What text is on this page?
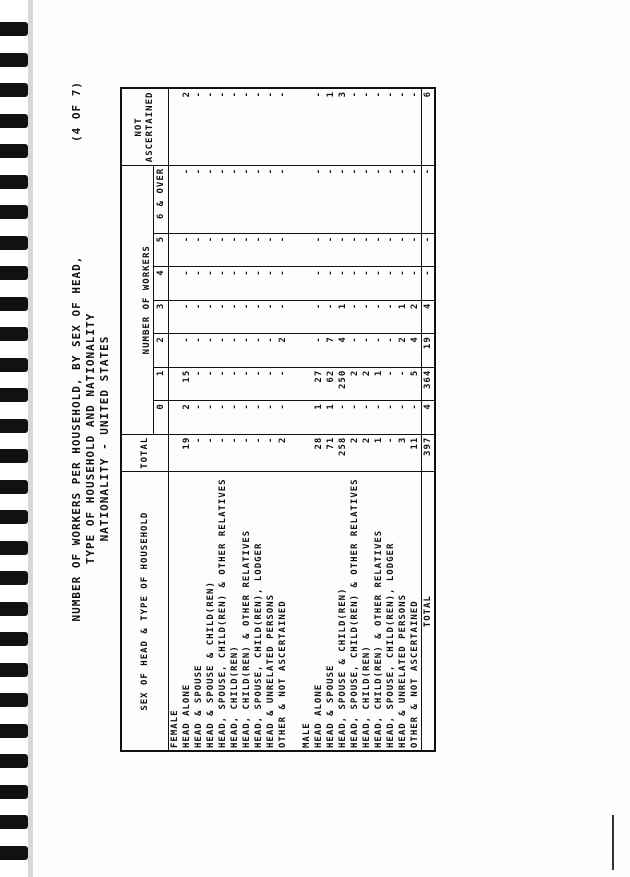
NUMBER OF WORKERS PER HOUSEHOLD, BY SEX OF HEAD, TYPE OF HOUSEHOLD AND NATIONALITY NATIONALITY - UNITED STATES
(4 OF 7)
SEX OF HEAD & TYPE OF HOUSEHOLD	TOTAL	NUMBER OF WORKERS							NOT ASCERTAINED
		0	1	2	3	4	5	6 & OVER	
FEMALE									
HEAD ALONE	19	2	15	-	-	-	-	-	2
HEAD & SPOUSE	-	-	-	-	-	-	-	-	-
HEAD & SPOUSE & CHILD(REN)	-	-	-	-	-	-	-	-	-
HEAD, SPOUSE, CHILD(REN) & OTHER RELATIVES	-	-	-	-	-	-	-	-	-
HEAD, CHILD(REN)	-	-	-	-	-	-	-	-	-
HEAD, CHILD(REN) & OTHER RELATIVES	-	-	-	-	-	-	-	-	-
HEAD, SPOUSE, CHILD(REN), LODGER	-	-	-	-	-	-	-	-	-
HEAD & UNRELATED PERSONS	-	-	-	-	-	-	-	-	-
OTHER & NOT ASCERTAINED	2	-	-	2	-	-	-	-	-

MALE									
HEAD ALONE	28	1	27	-	-	-	-	-	-
HEAD & SPOUSE	71	1	62	7	-	-	-	-	1
HEAD, SPOUSE & CHILD(REN)	258	-	250	4	1	-	-	-	3
HEAD, SPOUSE, CHILD(REN) & OTHER RELATIVES	2	-	2	-	-	-	-	-	-
HEAD, CHILD(REN)	2	-	2	-	-	-	-	-	-
HEAD, CHILD(REN) & OTHER RELATIVES	1	-	1	-	-	-	-	-	-
HEAD, SPOUSE, CHILD(REN), LODGER	-	-	-	-	-	-	-	-	-
HEAD & UNRELATED PERSONS	3	-	-	2	1	-	-	-	-
OTHER & NOT ASCERTAINED	11	-	5	4	2	-	-	-	-
TOTAL	397	4	364	19	4	-	-	-	6
